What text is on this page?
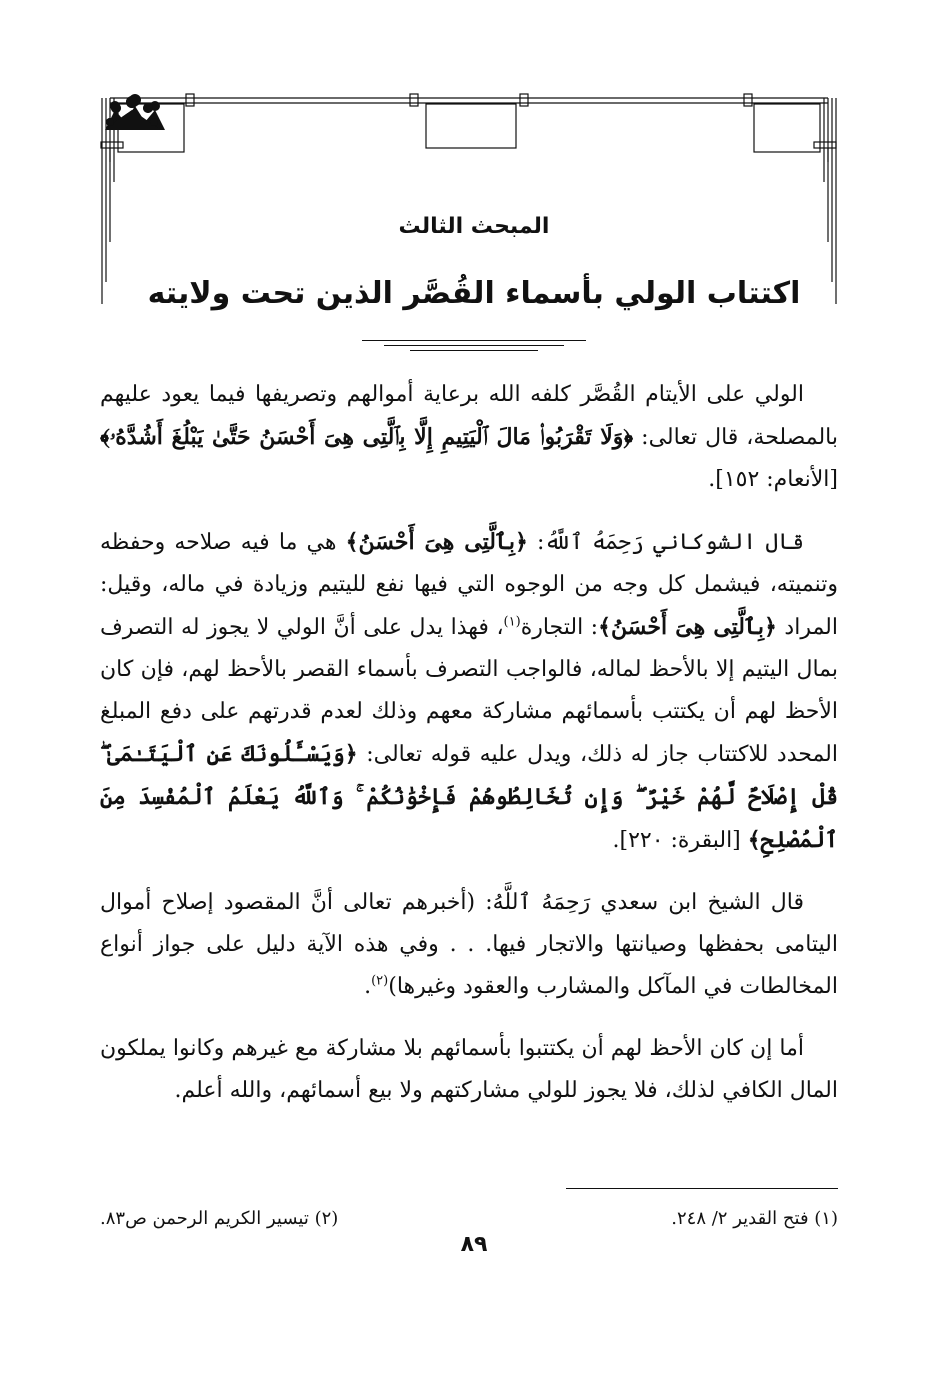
المبحث الثالث
اكتتاب الولي بأسماء القُصَّر الذين تحت ولايته

الولي على الأيتام القُصَّر كلفه الله برعاية أموالهم وتصريفها فيما يعود عليهم بالمصلحة، قال تعالى: ﴿وَلَا تَقْرَبُوا۟ مَالَ ٱلْيَتِيمِ إِلَّا بِٱلَّتِى هِىَ أَحْسَنُ حَتَّىٰ يَبْلُغَ أَشُدَّهُۥ﴾ [الأنعام: ١٥٢].

قال الشوكاني رَحِمَهُ ٱللَّهُ: ﴿بِٱلَّتِى هِىَ أَحْسَنُ﴾ هي ما فيه صلاحه وحفظه وتنميته، فيشمل كل وجه من الوجوه التي فيها نفع لليتيم وزيادة في ماله، وقيل: المراد ﴿بِٱلَّتِى هِىَ أَحْسَنُ﴾: التجارة$^{(١)}$، فهذا يدل على أنَّ الولي لا يجوز له التصرف بمال اليتيم إلا بالأحظ لماله، فالواجب التصرف بأسماء القصر بالأحظ لهم، فإن كان الأحظ لهم أن يكتتب بأسمائهم مشاركة معهم وذلك لعدم قدرتهم على دفع المبلغ المحدد للاكتتاب جاز له ذلك، ويدل عليه قوله تعالى: ﴿وَيَسْـَٔلُونَكَ عَنِ ٱلْيَتَـٰمَىٰ ۖ قُلْ إِصْلَاحٌ لَّهُمْ خَيْرٌ ۖ وَإِن تُخَالِطُوهُمْ فَإِخْوَٰنُكُمْ ۚ وَٱللَّهُ يَعْلَمُ ٱلْمُفْسِدَ مِنَ ٱلْمُصْلِحِ﴾ [البقرة: ٢٢٠].

قال الشيخ ابن سعدي رَحِمَهُ ٱللَّهُ: (أخبرهم تعالى أنَّ المقصود إصلاح أموال اليتامى بحفظها وصيانتها والاتجار فيها. . . وفي هذه الآية دليل على جواز أنواع المخالطات في المآكل والمشارب والعقود وغيرها)$^{(٢)}$.

أما إن كان الأحظ لهم أن يكتتبوا بأسمائهم بلا مشاركة مع غيرهم وكانوا يملكون المال الكافي لذلك، فلا يجوز للولي مشاركتهم ولا بيع أسمائهم، والله أعلم.

(١) فتح القدير ٢/ ٢٤٨.
(٢) تيسير الكريم الرحمن ص٨٣.
٨٩
